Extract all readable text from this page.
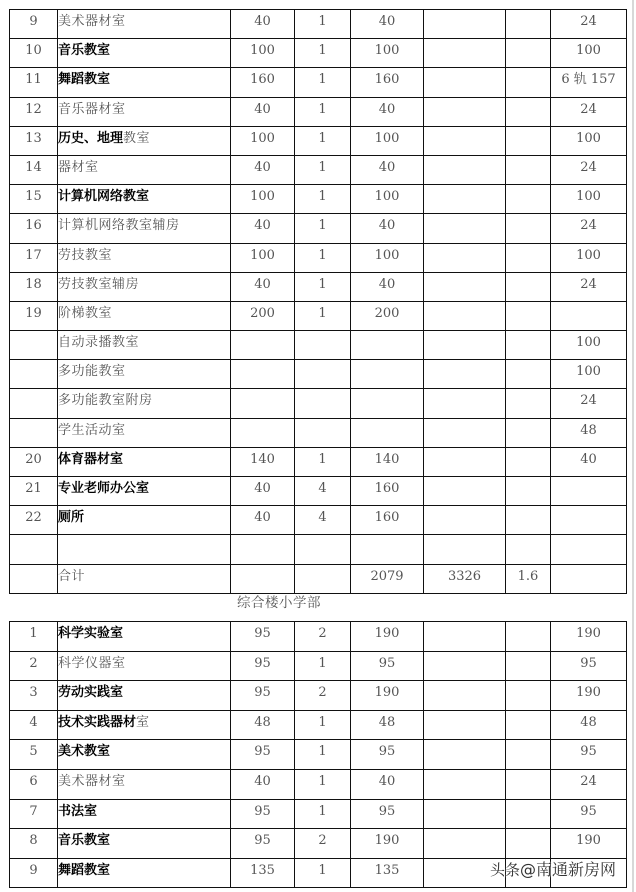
9	美术器材室	40	1	40			24
10	音乐教室	100	1	100			100
11	舞蹈教室	160	1	160			6 轨 157
12	音乐器材室	40	1	40			24
13	历史、地理教室	100	1	100			100
14	器材室	40	1	40			24
15	计算机网络教室	100	1	100			100
16	计算机网络教室辅房	40	1	40			24
17	劳技教室	100	1	100			100
18	劳技教室辅房	40	1	40			24
19	阶梯教室	200	1	200			
	自动录播教室						100
	多功能教室						100
	多功能教室附房						24
	学生活动室						48
20	体育器材室	140	1	140			40
21	专业老师办公室	40	4	160			
22	厕所	40	4	160			

	合计			2079	3326	1.6	
综合楼小学部
1	科学实验室	95	2	190			190
2	科学仪器室	95	1	95			95
3	劳动实践室	95	2	190			190
4	技术实践器材室	48	1	48			48
5	美术教室	95	1	95			95
6	美术器材室	40	1	40			24
7	书法室	95	1	95			95
8	音乐教室	95	2	190			190
9	舞蹈教室	135	1	135				头条@南通新房网
